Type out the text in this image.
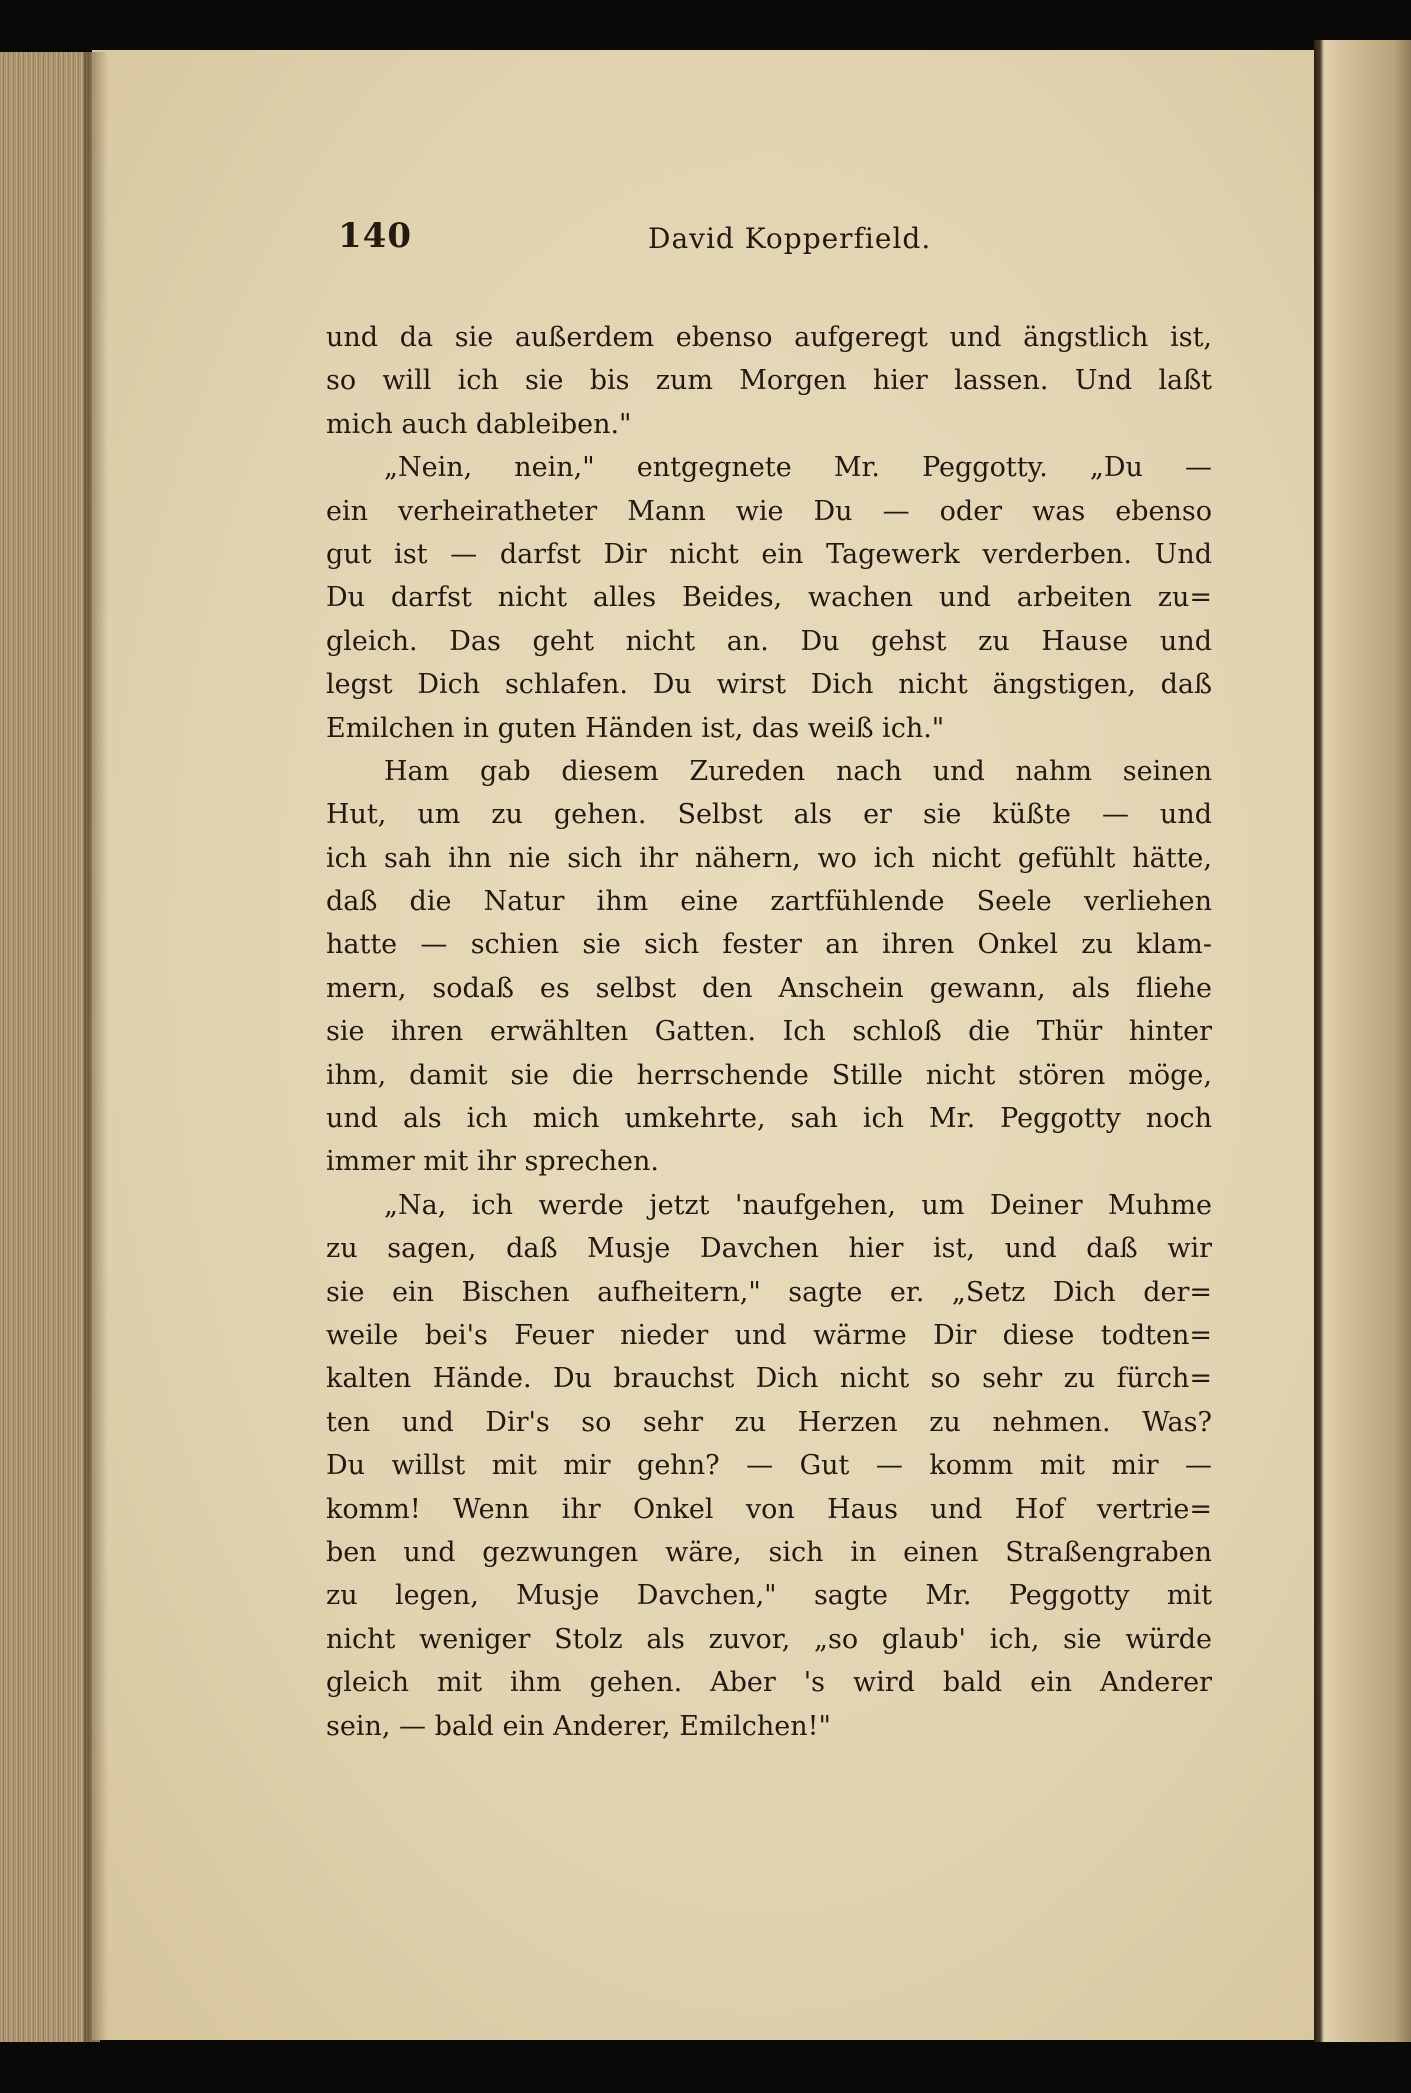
140	David Kopperfield.
und da sie außerdem ebenso aufgeregt und ängstlich ist,
so will ich sie bis zum Morgen hier lassen. Und laßt
mich auch dableiben."
„Nein, nein," entgegnete Mr. Peggotty. „Du —
ein verheiratheter Mann wie Du — oder was ebenso
gut ist — darfst Dir nicht ein Tagewerk verderben. Und
Du darfst nicht alles Beides, wachen und arbeiten zu=
gleich. Das geht nicht an. Du gehst zu Hause und
legst Dich schlafen. Du wirst Dich nicht ängstigen, daß
Emilchen in guten Händen ist, das weiß ich."
Ham gab diesem Zureden nach und nahm seinen
Hut, um zu gehen. Selbst als er sie küßte — und
ich sah ihn nie sich ihr nähern, wo ich nicht gefühlt hätte,
daß die Natur ihm eine zartfühlende Seele verliehen
hatte — schien sie sich fester an ihren Onkel zu klam-
mern, sodaß es selbst den Anschein gewann, als fliehe
sie ihren erwählten Gatten. Ich schloß die Thür hinter
ihm, damit sie die herrschende Stille nicht stören möge,
und als ich mich umkehrte, sah ich Mr. Peggotty noch
immer mit ihr sprechen.
„Na, ich werde jetzt 'naufgehen, um Deiner Muhme
zu sagen, daß Musje Davchen hier ist, und daß wir
sie ein Bischen aufheitern," sagte er. „Setz Dich der=
weile bei's Feuer nieder und wärme Dir diese todten=
kalten Hände. Du brauchst Dich nicht so sehr zu fürch=
ten und Dir's so sehr zu Herzen zu nehmen. Was?
Du willst mit mir gehn? — Gut — komm mit mir —
komm! Wenn ihr Onkel von Haus und Hof vertrie=
ben und gezwungen wäre, sich in einen Straßengraben
zu legen, Musje Davchen," sagte Mr. Peggotty mit
nicht weniger Stolz als zuvor, „so glaub' ich, sie würde
gleich mit ihm gehen. Aber 's wird bald ein Anderer
sein, — bald ein Anderer, Emilchen!"
